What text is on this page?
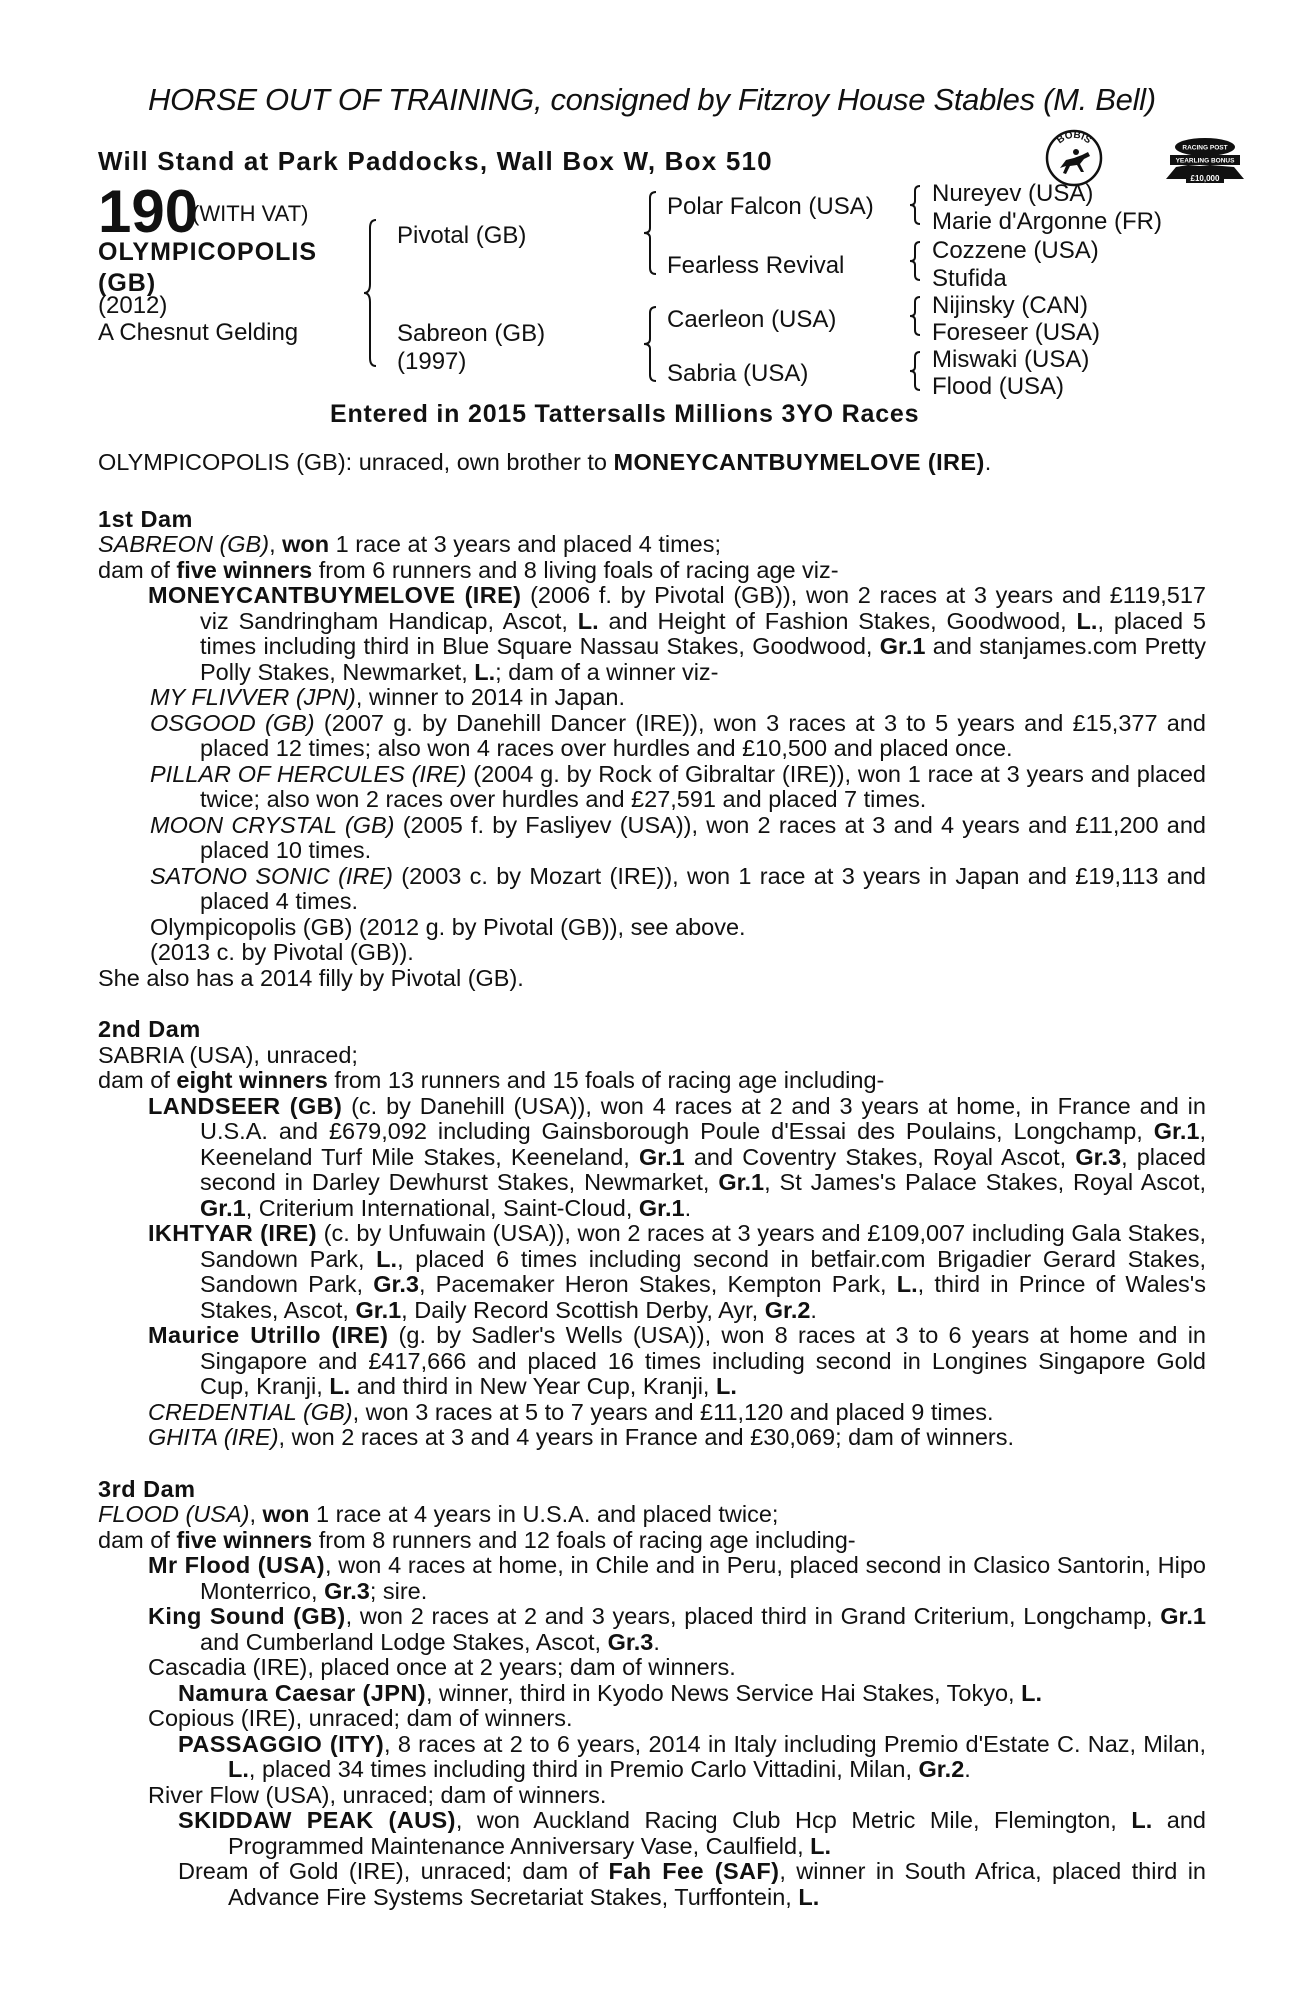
HORSE OUT OF TRAINING, consigned by Fitzroy House Stables (M. Bell)
Will Stand at Park Paddocks, Wall Box W, Box 510
BOBIS
RACING POST
YEARLING BONUS
£10,000
190
(WITH VAT)
OLYMPICOPOLIS
(GB)
(2012)
A Chesnut Gelding
Pivotal (GB)
Sabreon (GB)
(1997)
Polar Falcon (USA)
Fearless Revival
Caerleon (USA)
Sabria (USA)
Nureyev (USA)
Marie d'Argonne (FR)
Cozzene (USA)
Stufida
Nijinsky (CAN)
Foreseer (USA)
Miswaki (USA)
Flood (USA)
Entered in 2015 Tattersalls Millions 3YO Races

OLYMPICOPOLIS (GB): unraced, own brother to MONEYCANTBUYMELOVE (IRE).

1st Dam

SABREON (GB), won 1 race at 3 years and placed 4 times;

dam of five winners from 6 runners and 8 living foals of racing age viz-

MONEYCANTBUYMELOVE (IRE) (2006 f. by Pivotal (GB)), won 2 races at 3 years and £119,517 viz Sandringham Handicap, Ascot, L. and Height of Fashion Stakes, Goodwood, L., placed 5 times including third in Blue Square Nassau Stakes, Goodwood, Gr.1 and stanjames.com Pretty Polly Stakes, Newmarket, L.; dam of a winner viz-

MY FLIVVER (JPN), winner to 2014 in Japan.

OSGOOD (GB) (2007 g. by Danehill Dancer (IRE)), won 3 races at 3 to 5 years and £15,377 and placed 12 times; also won 4 races over hurdles and £10,500 and placed once.

PILLAR OF HERCULES (IRE) (2004 g. by Rock of Gibraltar (IRE)), won 1 race at 3 years and placed twice; also won 2 races over hurdles and £27,591 and placed 7 times.

MOON CRYSTAL (GB) (2005 f. by Fasliyev (USA)), won 2 races at 3 and 4 years and £11,200 and placed 10 times.

SATONO SONIC (IRE) (2003 c. by Mozart (IRE)), won 1 race at 3 years in Japan and £19,113 and placed 4 times.

Olympicopolis (GB) (2012 g. by Pivotal (GB)), see above.

(2013 c. by Pivotal (GB)).

She also has a 2014 filly by Pivotal (GB).

2nd Dam

SABRIA (USA), unraced;

dam of eight winners from 13 runners and 15 foals of racing age including-

LANDSEER (GB) (c. by Danehill (USA)), won 4 races at 2 and 3 years at home, in France and in U.S.A. and £679,092 including Gainsborough Poule d'Essai des Poulains, Longchamp, Gr.1, Keeneland Turf Mile Stakes, Keeneland, Gr.1 and Coventry Stakes, Royal Ascot, Gr.3, placed second in Darley Dewhurst Stakes, Newmarket, Gr.1, St James's Palace Stakes, Royal Ascot, Gr.1, Criterium International, Saint-Cloud, Gr.1.

IKHTYAR (IRE) (c. by Unfuwain (USA)), won 2 races at 3 years and £109,007 including Gala Stakes, Sandown Park, L., placed 6 times including second in betfair.com Brigadier Gerard Stakes, Sandown Park, Gr.3, Pacemaker Heron Stakes, Kempton Park, L., third in Prince of Wales's Stakes, Ascot, Gr.1, Daily Record Scottish Derby, Ayr, Gr.2.

Maurice Utrillo (IRE) (g. by Sadler's Wells (USA)), won 8 races at 3 to 6 years at home and in Singapore and £417,666 and placed 16 times including second in Longines Singapore Gold Cup, Kranji, L. and third in New Year Cup, Kranji, L.

CREDENTIAL (GB), won 3 races at 5 to 7 years and £11,120 and placed 9 times.

GHITA (IRE), won 2 races at 3 and 4 years in France and £30,069; dam of winners.

3rd Dam

FLOOD (USA), won 1 race at 4 years in U.S.A. and placed twice;

dam of five winners from 8 runners and 12 foals of racing age including-

Mr Flood (USA), won 4 races at home, in Chile and in Peru, placed second in Clasico Santorin, Hipo Monterrico, Gr.3; sire.

King Sound (GB), won 2 races at 2 and 3 years, placed third in Grand Criterium, Longchamp, Gr.1 and Cumberland Lodge Stakes, Ascot, Gr.3.

Cascadia (IRE), placed once at 2 years; dam of winners.

Namura Caesar (JPN), winner, third in Kyodo News Service Hai Stakes, Tokyo, L.

Copious (IRE), unraced; dam of winners.

PASSAGGIO (ITY), 8 races at 2 to 6 years, 2014 in Italy including Premio d'Estate C. Naz, Milan, L., placed 34 times including third in Premio Carlo Vittadini, Milan, Gr.2.

River Flow (USA), unraced; dam of winners.

SKIDDAW PEAK (AUS), won Auckland Racing Club Hcp Metric Mile, Flemington, L. and Programmed Maintenance Anniversary Vase, Caulfield, L.

Dream of Gold (IRE), unraced; dam of Fah Fee (SAF), winner in South Africa, placed third in Advance Fire Systems Secretariat Stakes, Turffontein, L.
